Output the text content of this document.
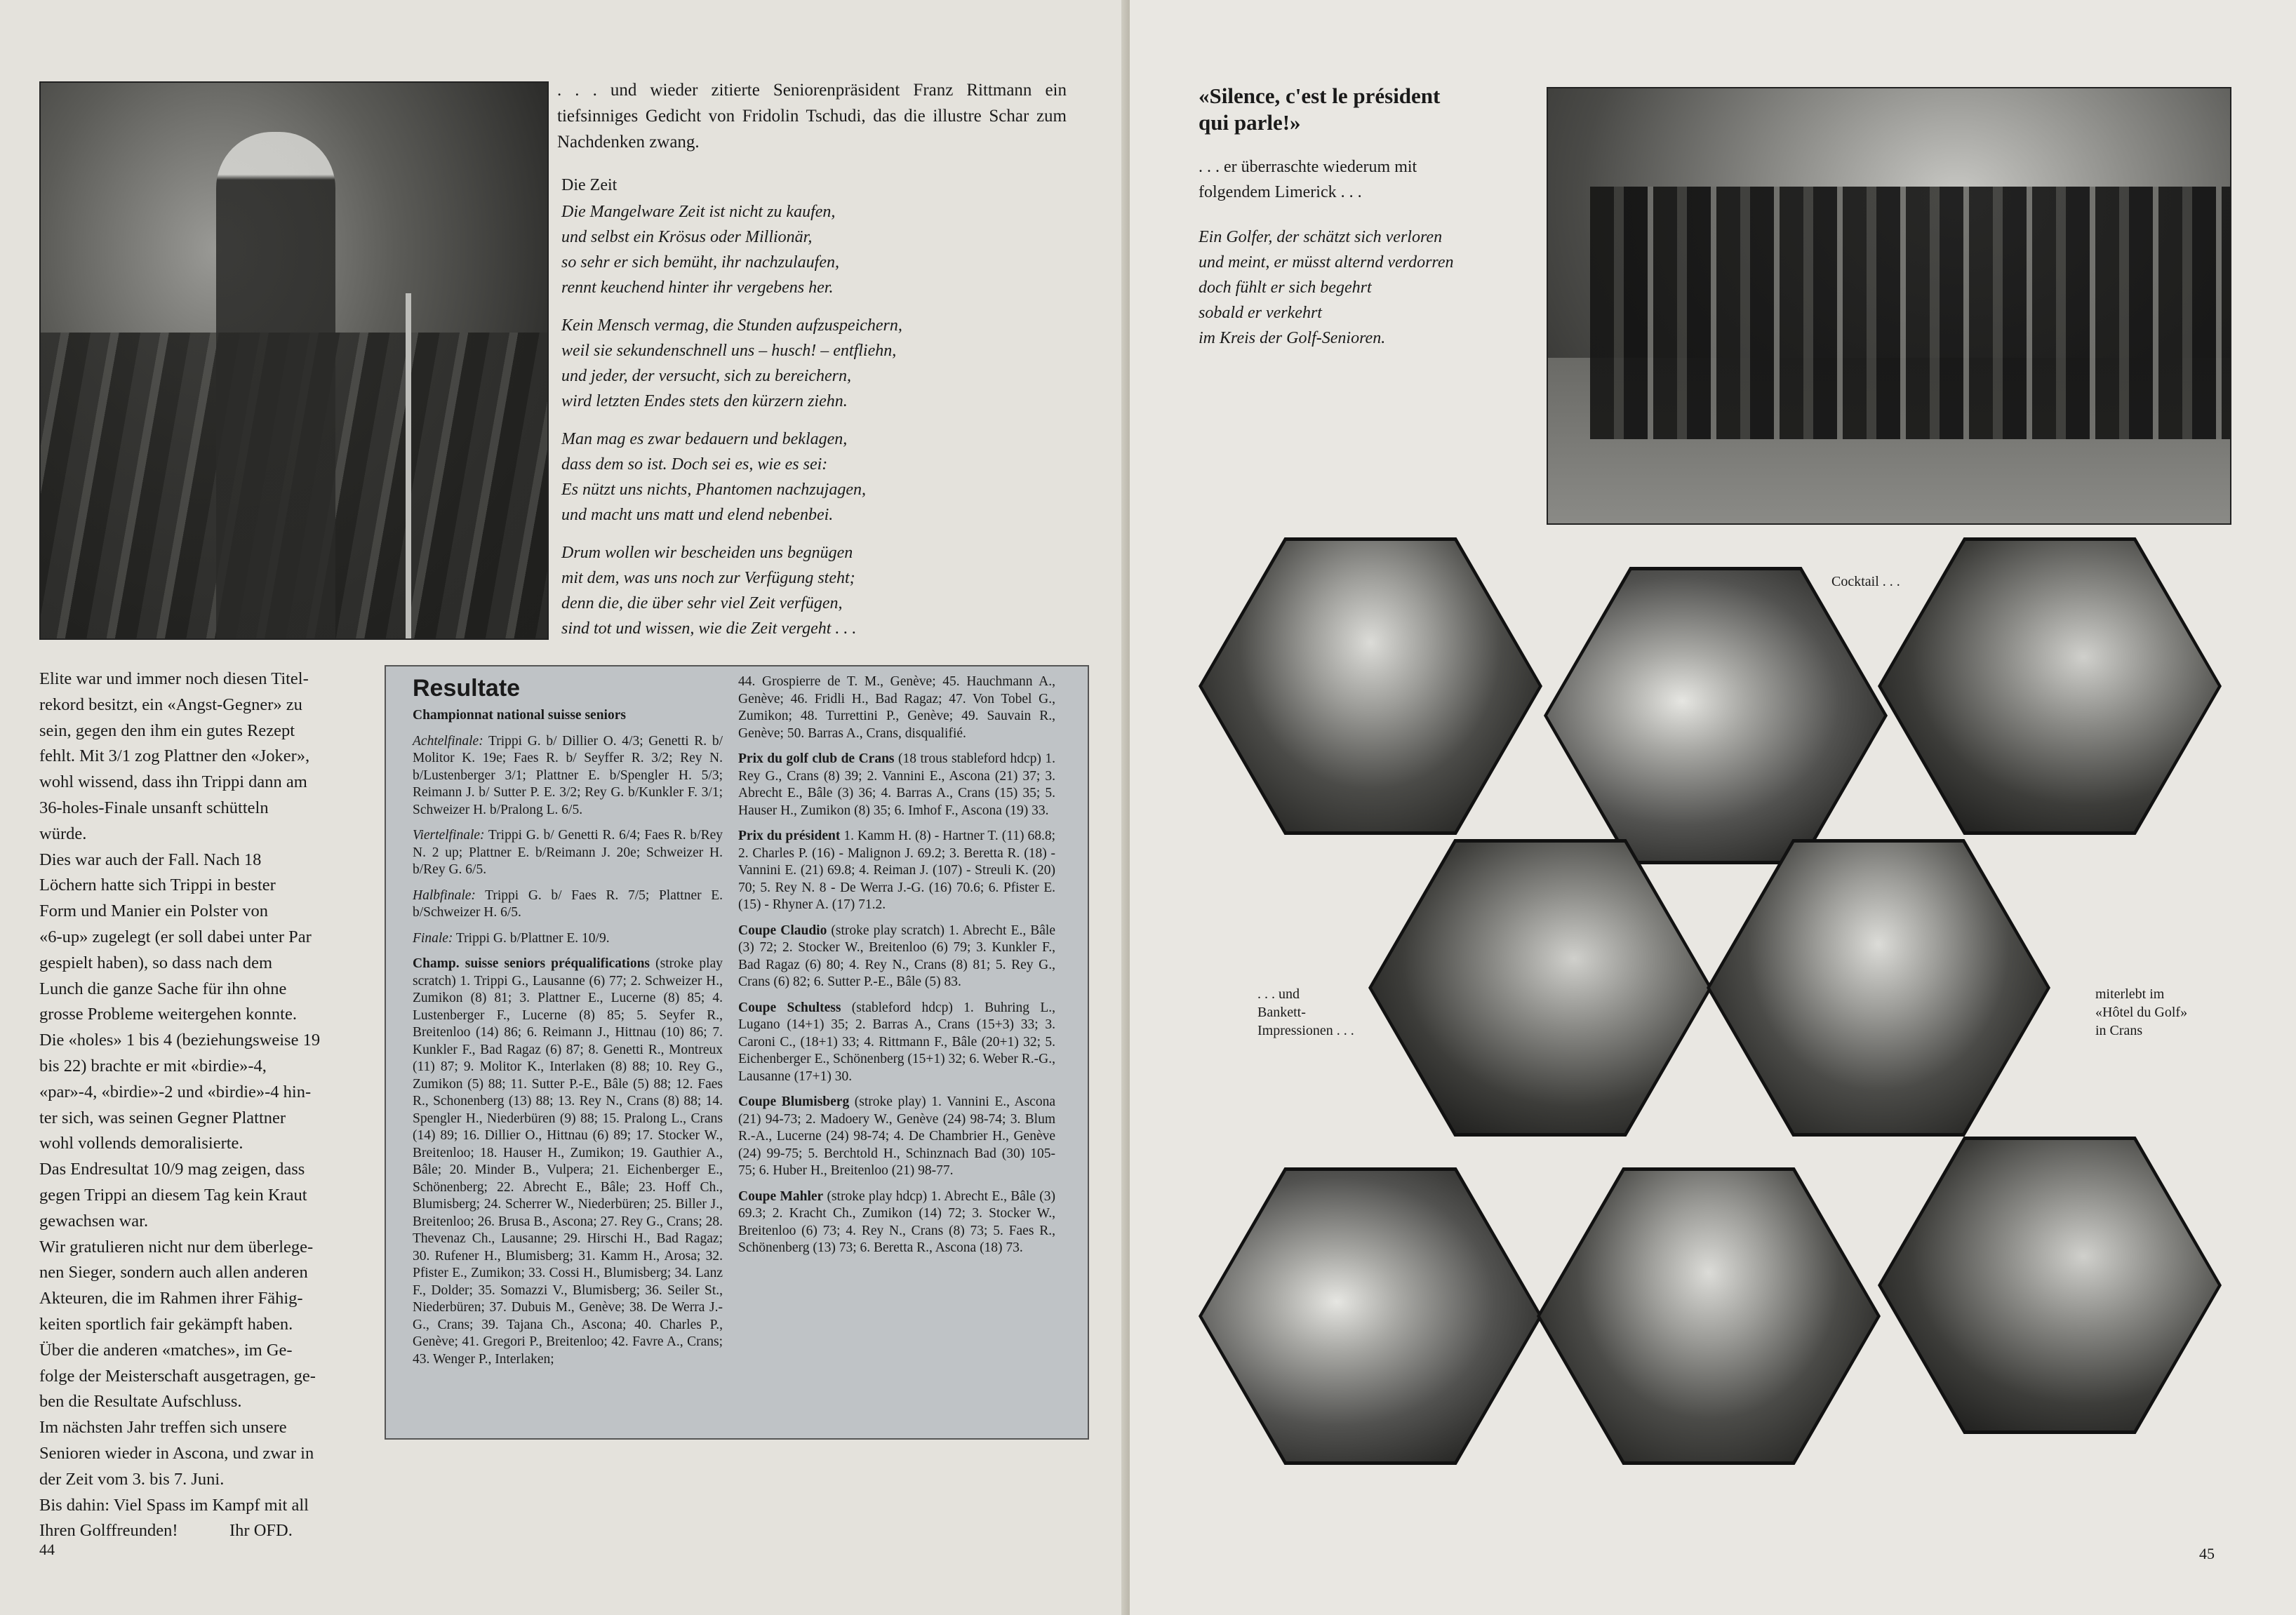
. . . und wieder zitierte Seniorenpräsident Franz Rittmann ein tiefsinniges Gedicht von Fridolin Tschudi, das die illustre Schar zum Nachdenken zwang.
Die Zeit
Die Mangelware Zeit ist nicht zu kaufen,
und selbst ein Krösus oder Millionär,
so sehr er sich bemüht, ihr nachzulaufen,
rennt keuchend hinter ihr vergebens her.
Kein Mensch vermag, die Stunden aufzuspeichern,
weil sie sekundenschnell uns – husch! – entfliehn,
und jeder, der versucht, sich zu bereichern,
wird letzten Endes stets den kürzern ziehn.
Man mag es zwar bedauern und beklagen,
dass dem so ist. Doch sei es, wie es sei:
Es nützt uns nichts, Phantomen nachzujagen,
und macht uns matt und elend nebenbei.
Drum wollen wir bescheiden uns begnügen
mit dem, was uns noch zur Verfügung steht;
denn die, die über sehr viel Zeit verfügen,
sind tot und wissen, wie die Zeit vergeht . . .
Elite war und immer noch diesen Titel-
rekord besitzt, ein «Angst-Gegner» zu
sein, gegen den ihm ein gutes Rezept
fehlt. Mit 3/1 zog Plattner den «Joker»,
wohl wissend, dass ihn Trippi dann am
36-holes-Finale unsanft schütteln
würde.
Dies war auch der Fall. Nach 18
Löchern hatte sich Trippi in bester
Form und Manier ein Polster von
«6-up» zugelegt (er soll dabei unter Par
gespielt haben), so dass nach dem
Lunch die ganze Sache für ihn ohne
grosse Probleme weitergehen konnte.
Die «holes» 1 bis 4 (beziehungsweise 19
bis 22) brachte er mit «birdie»-4,
«par»-4, «birdie»-2 und «birdie»-4 hin-
ter sich, was seinen Gegner Plattner
wohl vollends demoralisierte.
Das Endresultat 10/9 mag zeigen, dass
gegen Trippi an diesem Tag kein Kraut
gewachsen war.
Wir gratulieren nicht nur dem überlege-
nen Sieger, sondern auch allen anderen
Akteuren, die im Rahmen ihrer Fähig-
keiten sportlich fair gekämpft haben.
Über die anderen «matches», im Ge-
folge der Meisterschaft ausgetragen, ge-
ben die Resultate Aufschluss.
Im nächsten Jahr treffen sich unsere
Senioren wieder in Ascona, und zwar in
der Zeit vom 3. bis 7. Juni.
Bis dahin: Viel Spass im Kampf mit all
Ihren Golffreunden!            Ihr OFD.
Resultate
Championnat national suisse seniors
Achtelfinale: Trippi G. b/ Dillier O. 4/3; Genetti R. b/ Molitor K. 19e; Faes R. b/ Seyffer R. 3/2; Rey N. b/Lustenberger 3/1; Plattner E. b/Spengler H. 5/3; Reimann J. b/ Sutter P. E. 3/2; Rey G. b/Kunkler F. 3/1; Schweizer H. b/Pralong L. 6/5.
Viertelfinale: Trippi G. b/ Genetti R. 6/4; Faes R. b/Rey N. 2 up; Plattner E. b/Reimann J. 20e; Schweizer H. b/Rey G. 6/5.
Halbfinale: Trippi G. b/ Faes R. 7/5; Plattner E. b/Schweizer H. 6/5.
Finale: Trippi G. b/Plattner E. 10/9.
Champ. suisse seniors préqualifications (stroke play scratch) 1. Trippi G., Lausanne (6) 77; 2. Schweizer H., Zumikon (8) 81; 3. Plattner E., Lucerne (8) 85; 4. Lustenberger F., Lucerne (8) 85; 5. Seyfer R., Breitenloo (14) 86; 6. Reimann J., Hittnau (10) 86; 7. Kunkler F., Bad Ragaz (6) 87; 8. Genetti R., Montreux (11) 87; 9. Molitor K., Interlaken (8) 88; 10. Rey G., Zumikon (5) 88; 11. Sutter P.-E., Bâle (5) 88; 12. Faes R., Schonenberg (13) 88; 13. Rey N., Crans (8) 88; 14. Spengler H., Niederbüren (9) 88; 15. Pralong L., Crans (14) 89; 16. Dillier O., Hittnau (6) 89; 17. Stocker W., Breitenloo; 18. Hauser H., Zumikon; 19. Gauthier A., Bâle; 20. Minder B., Vulpera; 21. Eichenberger E., Schönenberg; 22. Abrecht E., Bâle; 23. Hoff Ch., Blumisberg; 24. Scherrer W., Niederbüren; 25. Biller J., Breitenloo; 26. Brusa B., Ascona; 27. Rey G., Crans; 28. Thevenaz Ch., Lausanne; 29. Hirschi H., Bad Ragaz; 30. Rufener H., Blumisberg; 31. Kamm H., Arosa; 32. Pfister E., Zumikon; 33. Cossi H., Blumisberg; 34. Lanz F., Dolder; 35. Somazzi V., Blumisberg; 36. Seiler St., Niederbüren; 37. Dubuis M., Genève; 38. De Werra J.-G., Crans; 39. Tajana Ch., Ascona; 40. Charles P., Genève; 41. Gregori P., Breitenloo; 42. Favre A., Crans; 43. Wenger P., Interlaken;
44. Grospierre de T. M., Genève; 45. Hauchmann A., Genève; 46. Fridli H., Bad Ragaz; 47. Von Tobel G., Zumikon; 48. Turrettini P., Genève; 49. Sauvain R., Genève; 50. Barras A., Crans, disqualifié.
Prix du golf club de Crans (18 trous stableford hdcp) 1. Rey G., Crans (8) 39; 2. Vannini E., Ascona (21) 37; 3. Abrecht E., Bâle (3) 36; 4. Barras A., Crans (15) 35; 5. Hauser H., Zumikon (8) 35; 6. Imhof F., Ascona (19) 33.
Prix du président 1. Kamm H. (8) - Hartner T. (11) 68.8; 2. Charles P. (16) - Malignon J. 69.2; 3. Beretta R. (18) - Vannini E. (21) 69.8; 4. Reiman J. (107) - Streuli K. (20) 70; 5. Rey N. 8 - De Werra J.-G. (16) 70.6; 6. Pfister E. (15) - Rhyner A. (17) 71.2.
Coupe Claudio (stroke play scratch) 1. Abrecht E., Bâle (3) 72; 2. Stocker W., Breitenloo (6) 79; 3. Kunkler F., Bad Ragaz (6) 80; 4. Rey N., Crans (8) 81; 5. Rey G., Crans (6) 82; 6. Sutter P.-E., Bâle (5) 83.
Coupe Schultess (stableford hdcp) 1. Buhring L., Lugano (14+1) 35; 2. Barras A., Crans (15+3) 33; 3. Caroni C., (18+1) 33; 4. Rittmann F., Bâle (20+1) 32; 5. Eichenberger E., Schönenberg (15+1) 32; 6. Weber R.-G., Lausanne (17+1) 30.
Coupe Blumisberg (stroke play) 1. Vannini E., Ascona (21) 94-73; 2. Madoery W., Genève (24) 98-74; 3. Blum R.-A., Lucerne (24) 98-74; 4. De Chambrier H., Genève (24) 99-75; 5. Berchtold H., Schinznach Bad (30) 105-75; 6. Huber H., Breitenloo (21) 98-77.
Coupe Mahler (stroke play hdcp) 1. Abrecht E., Bâle (3) 69.3; 2. Kracht Ch., Zumikon (14) 72; 3. Stocker W., Breitenloo (6) 73; 4. Rey N., Crans (8) 73; 5. Faes R., Schönenberg (13) 73; 6. Beretta R., Ascona (18) 73.
44
«Silence, c'est le président
qui parle!»
. . . er überraschte wiederum mit
folgendem Limerick . . .
Ein Golfer, der schätzt sich verloren
und meint, er müsst alternd verdorren
doch fühlt er sich begehrt
sobald er verkehrt
im Kreis der Golf-Senioren.
Cocktail . . .
. . . und
Bankett-
Impressionen . . .
miterlebt im
«Hôtel du Golf»
in Crans
45
